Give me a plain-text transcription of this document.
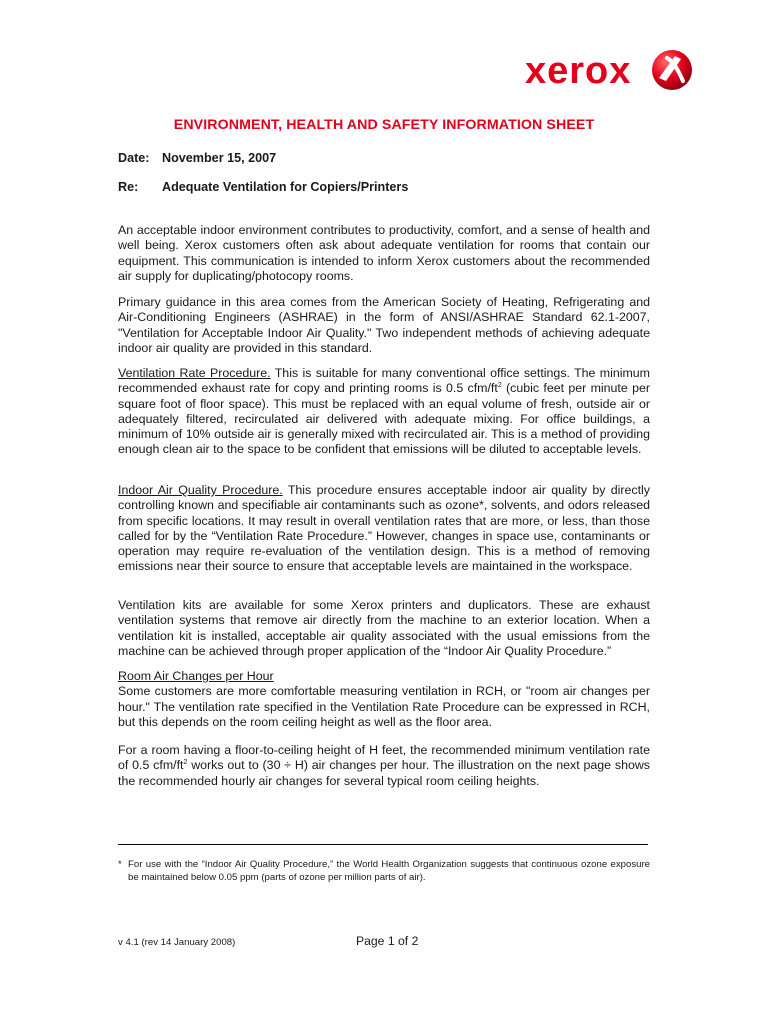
xerox
ENVIRONMENT, HEALTH AND SAFETY INFORMATION SHEET
Date: November 15, 2007
Re: Adequate Ventilation for Copiers/Printers

An acceptable indoor environment contributes to productivity, comfort, and a sense of health and well being. Xerox customers often ask about adequate ventilation for rooms that contain our equipment. This communication is intended to inform Xerox customers about the recommended air supply for duplicating/photocopy rooms.

Primary guidance in this area comes from the American Society of Heating, Refrigerating and Air-Conditioning Engineers (ASHRAE) in the form of ANSI/ASHRAE Standard 62.1-2007, "Ventilation for Acceptable Indoor Air Quality." Two independent methods of achieving adequate indoor air quality are provided in this standard.

Ventilation Rate Procedure. This is suitable for many conventional office settings. The minimum recommended exhaust rate for copy and printing rooms is 0.5 cfm/$ft^2$ (cubic feet per minute per square foot of floor space). This must be replaced with an equal volume of fresh, outside air or adequately filtered, recirculated air delivered with adequate mixing. For office buildings, a minimum of 10% outside air is generally mixed with recirculated air. This is a method of providing enough clean air to the space to be confident that emissions will be diluted to acceptable levels.

Indoor Air Quality Procedure. This procedure ensures acceptable indoor air quality by directly controlling known and specifiable air contaminants such as ozone*, solvents, and odors released from specific locations. It may result in overall ventilation rates that are more, or less, than those called for by the “Ventilation Rate Procedure.” However, changes in space use, contaminants or operation may require re-evaluation of the ventilation design. This is a method of removing emissions near their source to ensure that acceptable levels are maintained in the workspace.

Ventilation kits are available for some Xerox printers and duplicators. These are exhaust ventilation systems that remove air directly from the machine to an exterior location. When a ventilation kit is installed, acceptable air quality associated with the usual emissions from the machine can be achieved through proper application of the “Indoor Air Quality Procedure.”

Room Air Changes per Hour
Some customers are more comfortable measuring ventilation in RCH, or "room air changes per hour." The ventilation rate specified in the Ventilation Rate Procedure can be expressed in RCH, but this depends on the room ceiling height as well as the floor area.

For a room having a floor-to-ceiling height of H feet, the recommended minimum ventilation rate of 0.5 cfm/$ft^2$ works out to (30 ÷ H) air changes per hour. The illustration on the next page shows the recommended hourly air changes for several typical room ceiling heights.

* For use with the “Indoor Air Quality Procedure,” the World Health Organization suggests that continuous ozone exposure be maintained below 0.05 ppm (parts of ozone per million parts of air).
v 4.1 (rev 14 January 2008)	Page 1 of 2
